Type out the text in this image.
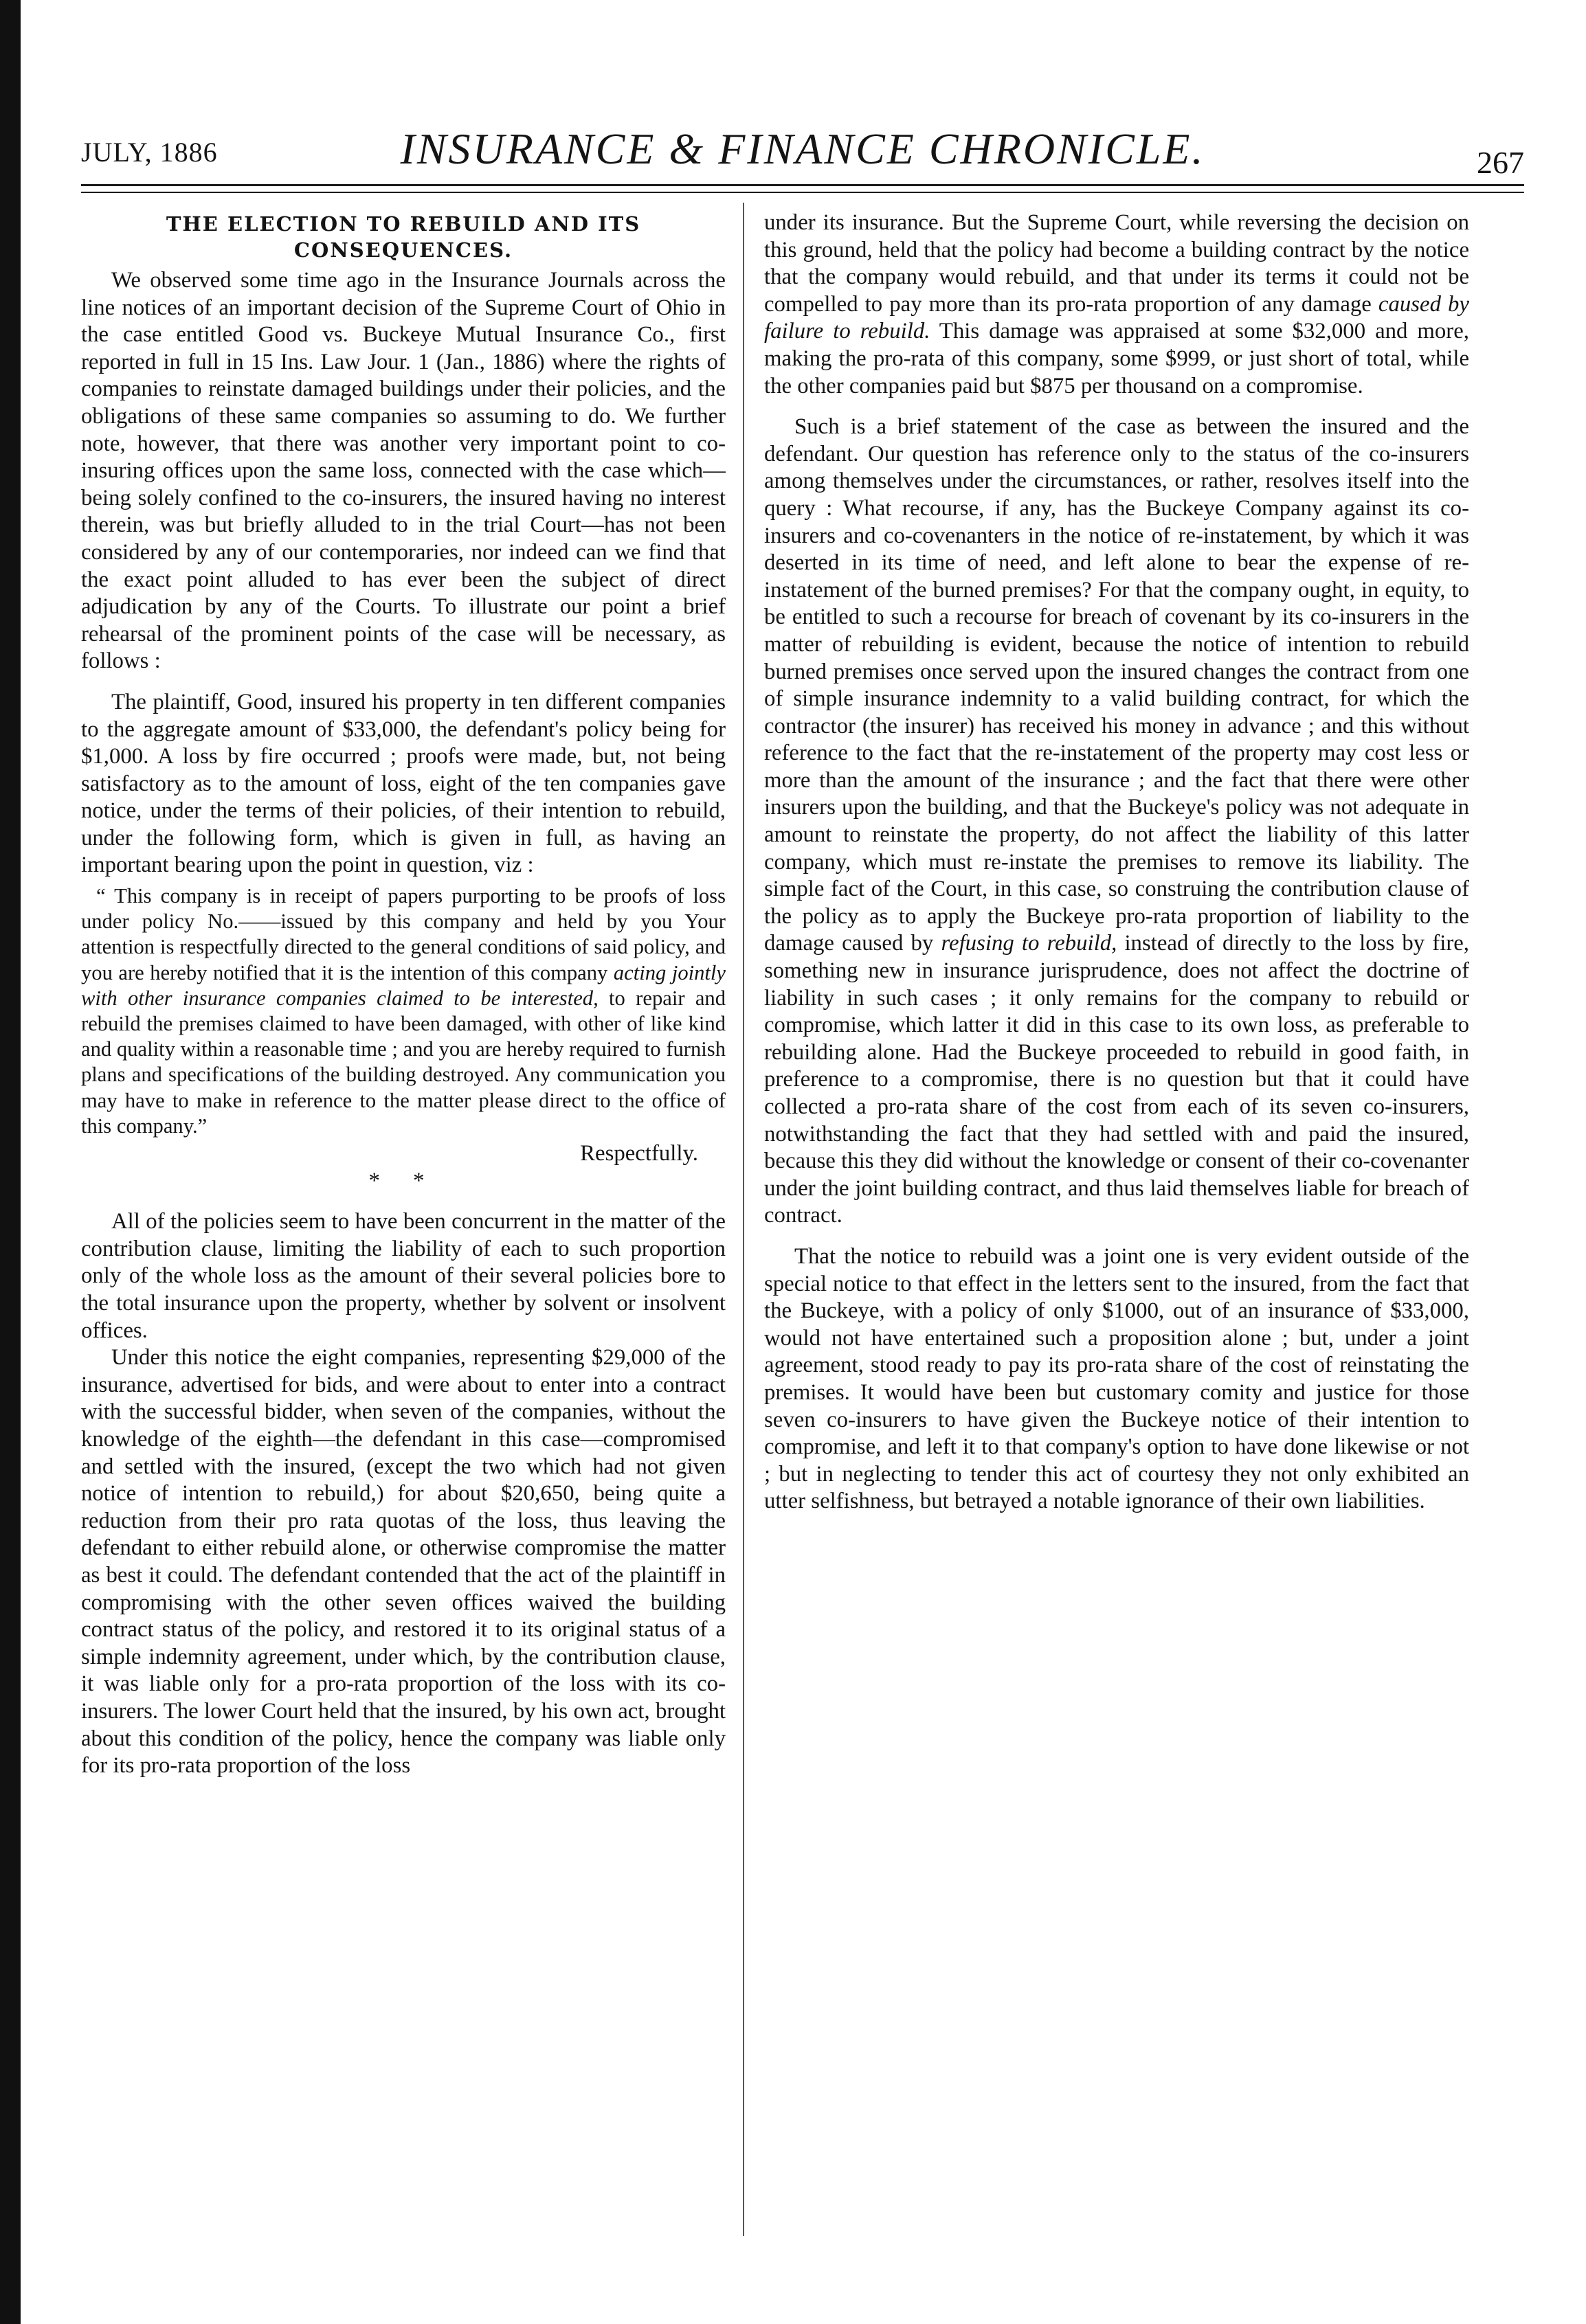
JULY, 1886	INSURANCE & FINANCE CHRONICLE.	267
THE ELECTION TO REBUILD AND ITS CONSEQUENCES.

We observed some time ago in the Insurance Journals across the line notices of an important decision of the Supreme Court of Ohio in the case entitled Good vs. Buckeye Mutual Insurance Co., first reported in full in 15 Ins. Law Jour. 1 (Jan., 1886) where the rights of companies to reinstate damaged buildings under their policies, and the obligations of these same companies so assuming to do. We further note, however, that there was another very important point to co-insuring offices upon the same loss, connected with the case which—being solely confined to the co-insurers, the insured having no interest therein, was but briefly alluded to in the trial Court—has not been considered by any of our contemporaries, nor indeed can we find that the exact point alluded to has ever been the subject of direct adjudication by any of the Courts. To illustrate our point a brief rehearsal of the prominent points of the case will be necessary, as follows :

The plaintiff, Good, insured his property in ten different companies to the aggregate amount of $33,000, the defendant's policy being for $1,000. A loss by fire occurred ; proofs were made, but, not being satisfactory as to the amount of loss, eight of the ten companies gave notice, under the terms of their policies, of their intention to rebuild, under the following form, which is given in full, as having an important bearing upon the point in question, viz :

“ This company is in receipt of papers purporting to be proofs of loss under policy No.——issued by this company and held by you Your attention is respectfully directed to the general conditions of said policy, and you are hereby notified that it is the intention of this company acting jointly with other insurance companies claimed to be interested, to repair and rebuild the premises claimed to have been damaged, with other of like kind and quality within a reasonable time ; and you are hereby required to furnish plans and specifications of the building destroyed. Any communication you may have to make in reference to the matter please direct to the office of this company.”

Respectfully.
* *

All of the policies seem to have been concurrent in the matter of the contribution clause, limiting the liability of each to such proportion only of the whole loss as the amount of their several policies bore to the total insurance upon the property, whether by solvent or insolvent offices.

Under this notice the eight companies, representing $29,000 of the insurance, advertised for bids, and were about to enter into a contract with the successful bidder, when seven of the companies, without the knowledge of the eighth—the defendant in this case—compromised and settled with the insured, (except the two which had not given notice of intention to rebuild,) for about $20,650, being quite a reduction from their pro rata quotas of the loss, thus leaving the defendant to either rebuild alone, or otherwise compromise the matter as best it could. The defendant contended that the act of the plaintiff in compromising with the other seven offices waived the building contract status of the policy, and restored it to its original status of a simple indemnity agreement, under which, by the contribution clause, it was liable only for a pro-rata proportion of the loss with its co-insurers. The lower Court held that the insured, by his own act, brought about this condition of the policy, hence the company was liable only for its pro-rata proportion of the loss

under its insurance. But the Supreme Court, while reversing the decision on this ground, held that the policy had become a building contract by the notice that the company would rebuild, and that under its terms it could not be compelled to pay more than its pro-rata proportion of any damage caused by failure to rebuild. This damage was appraised at some $32,000 and more, making the pro-rata of this company, some $999, or just short of total, while the other companies paid but $875 per thousand on a compromise.

Such is a brief statement of the case as between the insured and the defendant. Our question has reference only to the status of the co-insurers among themselves under the circumstances, or rather, resolves itself into the query : What recourse, if any, has the Buckeye Company against its co-insurers and co-covenanters in the notice of re-instatement, by which it was deserted in its time of need, and left alone to bear the expense of re-instatement of the burned premises? For that the company ought, in equity, to be entitled to such a recourse for breach of covenant by its co-insurers in the matter of rebuilding is evident, because the notice of intention to rebuild burned premises once served upon the insured changes the contract from one of simple insurance indemnity to a valid building contract, for which the contractor (the insurer) has received his money in advance ; and this without reference to the fact that the re-instatement of the property may cost less or more than the amount of the insurance ; and the fact that there were other insurers upon the building, and that the Buckeye's policy was not adequate in amount to reinstate the property, do not affect the liability of this latter company, which must re-instate the premises to remove its liability. The simple fact of the Court, in this case, so construing the contribution clause of the policy as to apply the Buckeye pro-rata proportion of liability to the damage caused by refusing to rebuild, instead of directly to the loss by fire, something new in insurance jurisprudence, does not affect the doctrine of liability in such cases ; it only remains for the company to rebuild or compromise, which latter it did in this case to its own loss, as preferable to rebuilding alone. Had the Buckeye proceeded to rebuild in good faith, in preference to a compromise, there is no question but that it could have collected a pro-rata share of the cost from each of its seven co-insurers, notwithstanding the fact that they had settled with and paid the insured, because this they did without the knowledge or consent of their co-covenanter under the joint building contract, and thus laid themselves liable for breach of contract.

That the notice to rebuild was a joint one is very evident outside of the special notice to that effect in the letters sent to the insured, from the fact that the Buckeye, with a policy of only $1000, out of an insurance of $33,000, would not have entertained such a proposition alone ; but, under a joint agreement, stood ready to pay its pro-rata share of the cost of reinstating the premises. It would have been but customary comity and justice for those seven co-insurers to have given the Buckeye notice of their intention to compromise, and left it to that company's option to have done likewise or not ; but in neglecting to tender this act of courtesy they not only exhibited an utter selfishness, but betrayed a notable ignorance of their own liabilities.
